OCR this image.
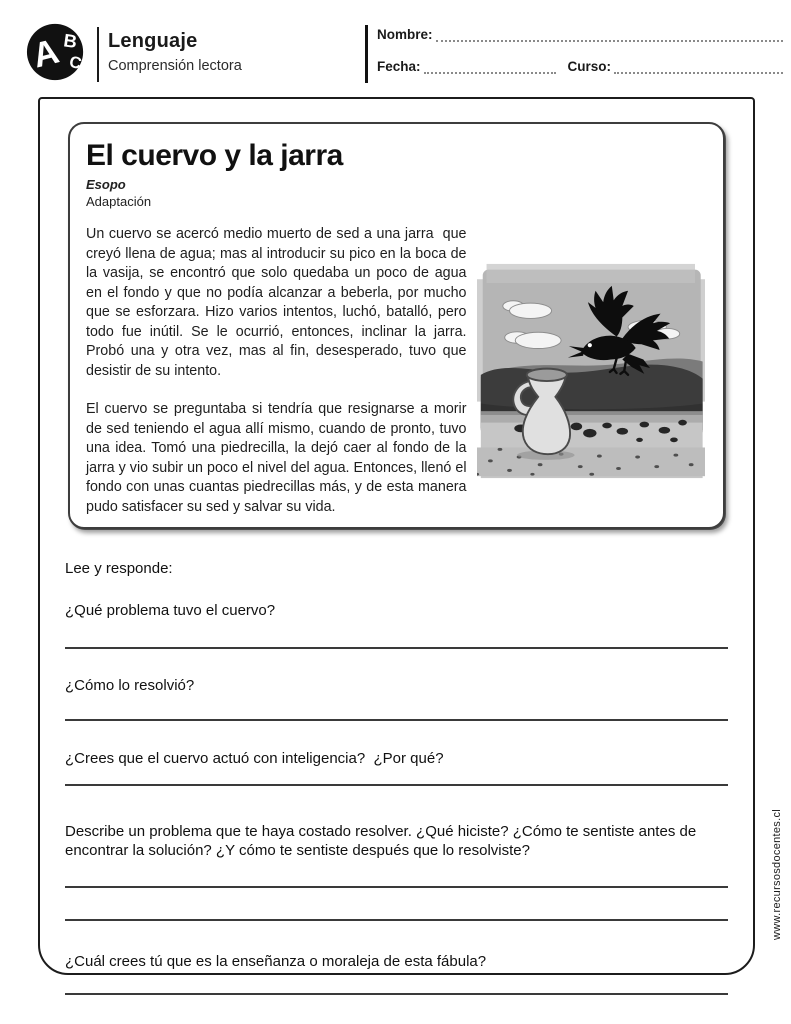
A B
C
Lenguaje
Comprensión lectora
Nombre:
Fecha:	Curso:
El cuervo y la jarra
Esopo
Adaptación

Un cuervo se acercó medio muerto de sed a una jarra  que creyó llena de agua; mas al introducir su pico en la boca de la vasija, se encontró que solo quedaba un poco de agua en el fondo y que no podía alcanzar a beberla, por mucho que se esforzara. Hizo varios intentos, luchó, batalló, pero todo fue inútil. Se le ocurrió, entonces, inclinar la jarra.  Probó una y otra vez, mas al fin, desesperado, tuvo que desistir de su intento.

El cuervo se preguntaba si tendría que resignarse a morir de sed teniendo el agua allí mismo, cuando de pronto, tuvo una idea. Tomó una piedrecilla, la dejó caer al fondo de la jarra y vio subir un poco el nivel del agua. Entonces, llenó el fondo con unas cuantas piedrecillas más, y de esta manera pudo satisfacer su sed y salvar su vida.

Lee y responde:
¿Qué problema tuvo el cuervo?
¿Cómo lo resolvió?
¿Crees que el cuervo actuó con inteligencia?  ¿Por qué?
Describe un problema que te haya costado resolver. ¿Qué hiciste? ¿Cómo te sentiste antes de encontrar la solución? ¿Y cómo te sentiste después que lo resolviste?
¿Cuál crees tú que es la enseñanza o moraleja de esta fábula?
www.recursosdocentes.cl
